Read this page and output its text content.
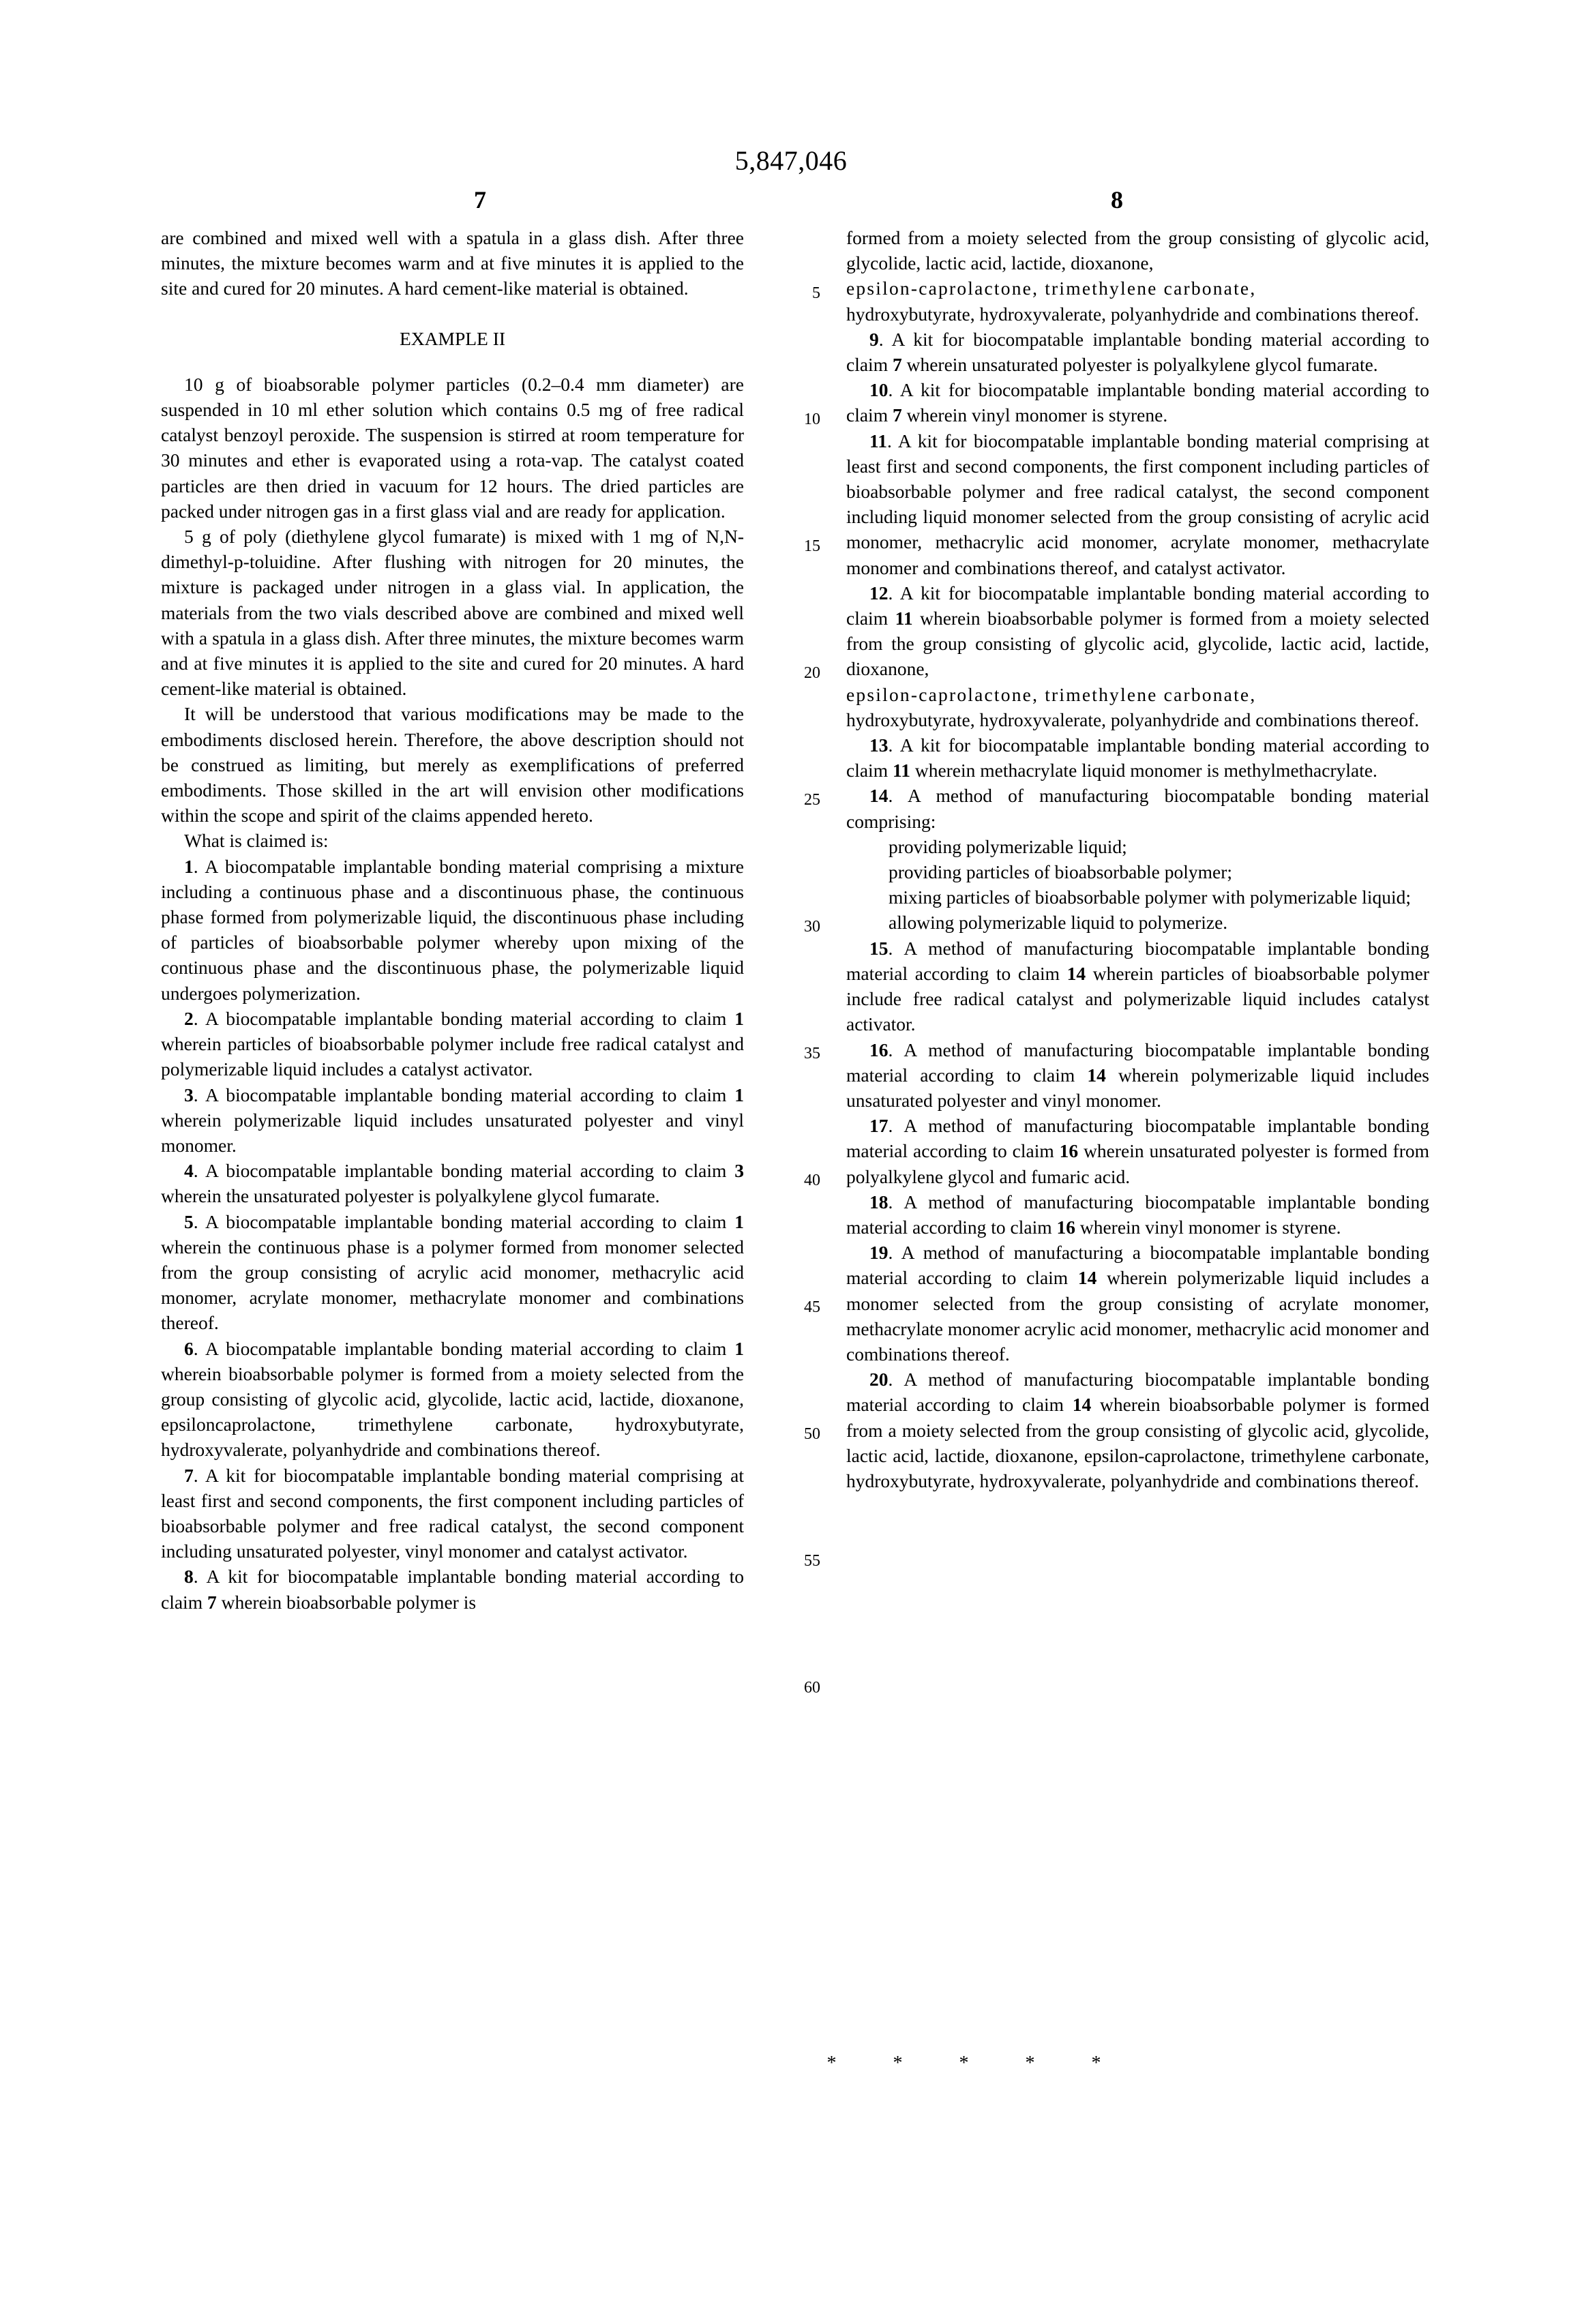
5,847,046
7	8
5
10
15
20
25
30
35
40
45
50
55
60

are combined and mixed well with a spatula in a glass dish. After three minutes, the mixture becomes warm and at five minutes it is applied to the site and cured for 20 minutes. A hard cement-like material is obtained.

EXAMPLE II

10 g of bioabsorable polymer particles (0.2–0.4 mm diameter) are suspended in 10 ml ether solution which contains 0.5 mg of free radical catalyst benzoyl peroxide. The suspension is stirred at room temperature for 30 minutes and ether is evaporated using a rota-vap. The catalyst coated particles are then dried in vacuum for 12 hours. The dried particles are packed under nitrogen gas in a first glass vial and are ready for application.

5 g of poly (diethylene glycol fumarate) is mixed with 1 mg of N,N-dimethyl-p-toluidine. After flushing with nitrogen for 20 minutes, the mixture is packaged under nitrogen in a glass vial. In application, the materials from the two vials described above are combined and mixed well with a spatula in a glass dish. After three minutes, the mixture becomes warm and at five minutes it is applied to the site and cured for 20 minutes. A hard cement-like material is obtained.

It will be understood that various modifications may be made to the embodiments disclosed herein. Therefore, the above description should not be construed as limiting, but merely as exemplifications of preferred embodiments. Those skilled in the art will envision other modifications within the scope and spirit of the claims appended hereto.

What is claimed is:

1. A biocompatable implantable bonding material comprising a mixture including a continuous phase and a discontinuous phase, the continuous phase formed from polymerizable liquid, the discontinuous phase including of particles of bioabsorbable polymer whereby upon mixing of the continuous phase and the discontinuous phase, the polymerizable liquid undergoes polymerization.

2. A biocompatable implantable bonding material according to claim 1 wherein particles of bioabsorbable polymer include free radical catalyst and polymerizable liquid includes a catalyst activator.

3. A biocompatable implantable bonding material according to claim 1 wherein polymerizable liquid includes unsaturated polyester and vinyl monomer.

4. A biocompatable implantable bonding material according to claim 3 wherein the unsaturated polyester is polyalkylene glycol fumarate.

5. A biocompatable implantable bonding material according to claim 1 wherein the continuous phase is a polymer formed from monomer selected from the group consisting of acrylic acid monomer, methacrylic acid monomer, acrylate monomer, methacrylate monomer and combinations thereof.

6. A biocompatable implantable bonding material according to claim 1 wherein bioabsorbable polymer is formed from a moiety selected from the group consisting of glycolic acid, glycolide, lactic acid, lactide, dioxanone, epsiloncaprolactone, trimethylene carbonate, hydroxybutyrate, hydroxyvalerate, polyanhydride and combinations thereof.

7. A kit for biocompatable implantable bonding material comprising at least first and second components, the first component including particles of bioabsorbable polymer and free radical catalyst, the second component including unsaturated polyester, vinyl monomer and catalyst activator.

8. A kit for biocompatable implantable bonding material according to claim 7 wherein bioabsorbable polymer is

formed from a moiety selected from the group consisting of glycolic acid, glycolide, lactic acid, lactide, dioxanone,

epsilon-caprolactone, trimethylene carbonate,

hydroxybutyrate, hydroxyvalerate, polyanhydride and combinations thereof.

9. A kit for biocompatable implantable bonding material according to claim 7 wherein unsaturated polyester is polyalkylene glycol fumarate.

10. A kit for biocompatable implantable bonding material according to claim 7 wherein vinyl monomer is styrene.

11. A kit for biocompatable implantable bonding material comprising at least first and second components, the first component including particles of bioabsorbable polymer and free radical catalyst, the second component including liquid monomer selected from the group consisting of acrylic acid monomer, methacrylic acid monomer, acrylate monomer, methacrylate monomer and combinations thereof, and catalyst activator.

12. A kit for biocompatable implantable bonding material according to claim 11 wherein bioabsorbable polymer is formed from a moiety selected from the group consisting of glycolic acid, glycolide, lactic acid, lactide, dioxanone,

epsilon-caprolactone, trimethylene carbonate,

hydroxybutyrate, hydroxyvalerate, polyanhydride and combinations thereof.

13. A kit for biocompatable implantable bonding material according to claim 11 wherein methacrylate liquid monomer is methylmethacrylate.

14. A method of manufacturing biocompatable bonding material comprising:

providing polymerizable liquid;

providing particles of bioabsorbable polymer;

mixing particles of bioabsorbable polymer with polymerizable liquid;

allowing polymerizable liquid to polymerize.

15. A method of manufacturing biocompatable implantable bonding material according to claim 14 wherein particles of bioabsorbable polymer include free radical catalyst and polymerizable liquid includes catalyst activator.

16. A method of manufacturing biocompatable implantable bonding material according to claim 14 wherein polymerizable liquid includes unsaturated polyester and vinyl monomer.

17. A method of manufacturing biocompatable implantable bonding material according to claim 16 wherein unsaturated polyester is formed from polyalkylene glycol and fumaric acid.

18. A method of manufacturing biocompatable implantable bonding material according to claim 16 wherein vinyl monomer is styrene.

19. A method of manufacturing a biocompatable implantable bonding material according to claim 14 wherein polymerizable liquid includes a monomer selected from the group consisting of acrylate monomer, methacrylate monomer acrylic acid monomer, methacrylic acid monomer and combinations thereof.

20. A method of manufacturing biocompatable implantable bonding material according to claim 14 wherein bioabsorbable polymer is formed from a moiety selected from the group consisting of glycolic acid, glycolide, lactic acid, lactide, dioxanone, epsilon-caprolactone, trimethylene carbonate, hydroxybutyrate, hydroxyvalerate, polyanhydride and combinations thereof.

* * * * *
